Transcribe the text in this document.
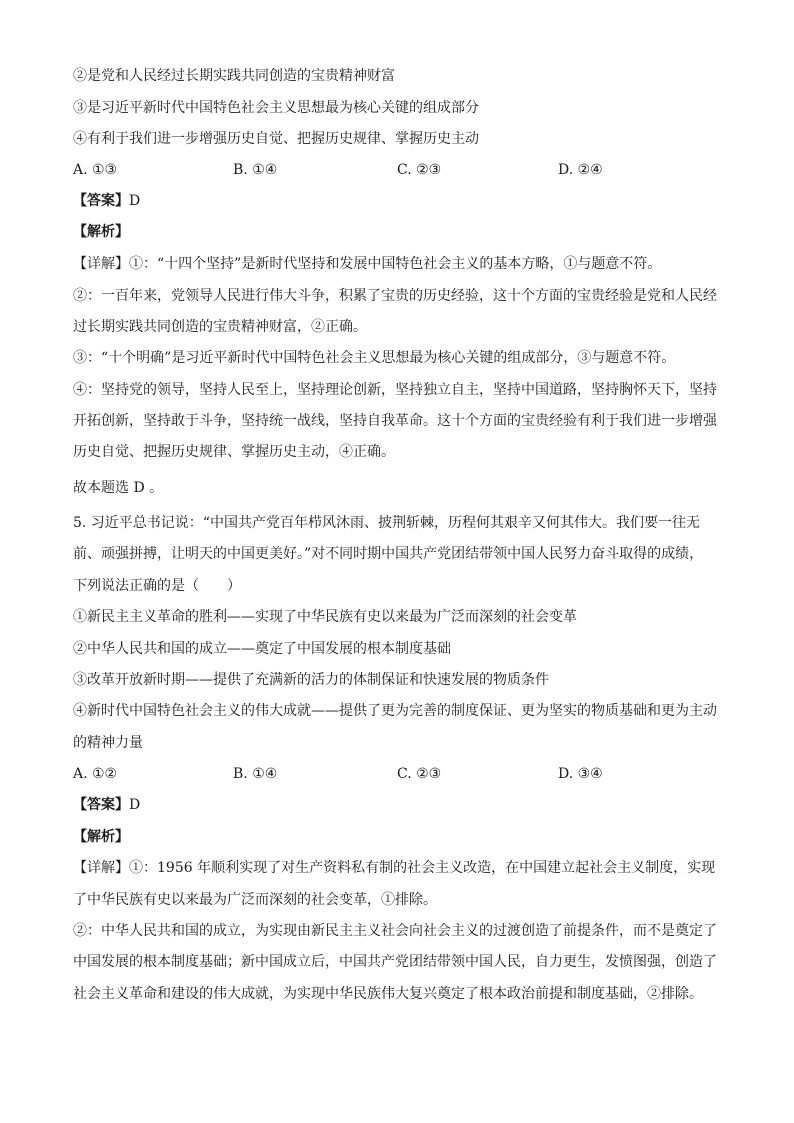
②是党和人民经过长期实践共同创造的宝贵精神财富
③是习近平新时代中国特色社会主义思想最为核心关键的组成部分
④有利于我们进一步增强历史自觉、把握历史规律、掌握历史主动
A. ①③	B. ①④	C. ②③	D. ②④
【答案】D
【解析】
【详解】①：“十四个坚持”是新时代坚持和发展中国特色社会主义的基本方略，①与题意不符。
②：一百年来，党领导人民进行伟大斗争，积累了宝贵的历史经验，这十个方面的宝贵经验是党和人民经
过长期实践共同创造的宝贵精神财富，②正确。
③：“十个明确”是习近平新时代中国特色社会主义思想最为核心关键的组成部分，③与题意不符。
④：坚持党的领导，坚持人民至上，坚持理论创新，坚持独立自主，坚持中国道路，坚持胸怀天下，坚持
开拓创新，坚持敢于斗争，坚持统一战线，坚持自我革命。这十个方面的宝贵经验有利于我们进一步增强
历史自觉、把握历史规律、掌握历史主动，④正确。
故本题选 D 。
5. 习近平总书记说：“中国共产党百年栉风沐雨、披荆斩棘，历程何其艰辛又何其伟大。我们要一往无
前、顽强拼搏，让明天的中国更美好。”对不同时期中国共产党团结带领中国人民努力奋斗取得的成绩，
下列说法正确的是（　　）
①新民主主义革命的胜利——实现了中华民族有史以来最为广泛而深刻的社会变革
②中华人民共和国的成立——奠定了中国发展的根本制度基础
③改革开放新时期——提供了充满新的活力的体制保证和快速发展的物质条件
④新时代中国特色社会主义的伟大成就——提供了更为完善的制度保证、更为坚实的物质基础和更为主动
的精神力量
A. ①②	B. ①④	C. ②③	D. ③④
【答案】D
【解析】
【详解】①：1956 年顺利实现了对生产资料私有制的社会主义改造，在中国建立起社会主义制度，实现
了中华民族有史以来最为广泛而深刻的社会变革，①排除。
②：中华人民共和国的成立，为实现由新民主主义社会向社会主义的过渡创造了前提条件，而不是奠定了
中国发展的根本制度基础；新中国成立后，中国共产党团结带领中国人民，自力更生，发愤图强，创造了
社会主义革命和建设的伟大成就，为实现中华民族伟大复兴奠定了根本政治前提和制度基础，②排除。
